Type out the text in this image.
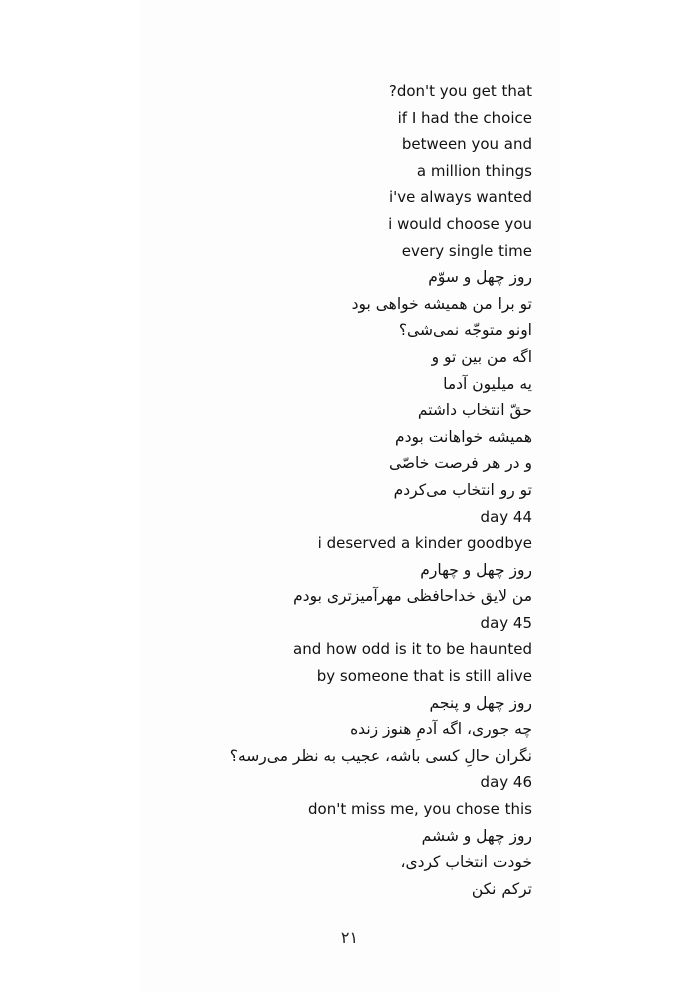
?don't you get that
if I had the choice
between you and
a million things
i've always wanted
i would choose you
every single time
روز چهل و سوّم
تو برا من همیشه خواهی بود
اونو متوجّه نمی‌شی؟
اگه من بین تو و
یه میلیون آدما
حقّ انتخاب داشتم
همیشه خواهانت بودم
و در هر فرصت خاصّی
تو رو انتخاب می‌کردم
day 44
i deserved a kinder goodbye
روز چهل و چهارم
من لایق خداحافظی مهرآمیزتری بودم
day 45
and how odd is it to be haunted
by someone that is still alive
روز چهل و پنجم
چه جوری، اگه آدمِ هنوز زنده
نگران حالِ کسی باشه، عجیب به نظر می‌رسه؟
day 46
don't miss me, you chose this
روز چهل و ششم
خودت انتخاب کردی،
ترکم نکن
۲۱
